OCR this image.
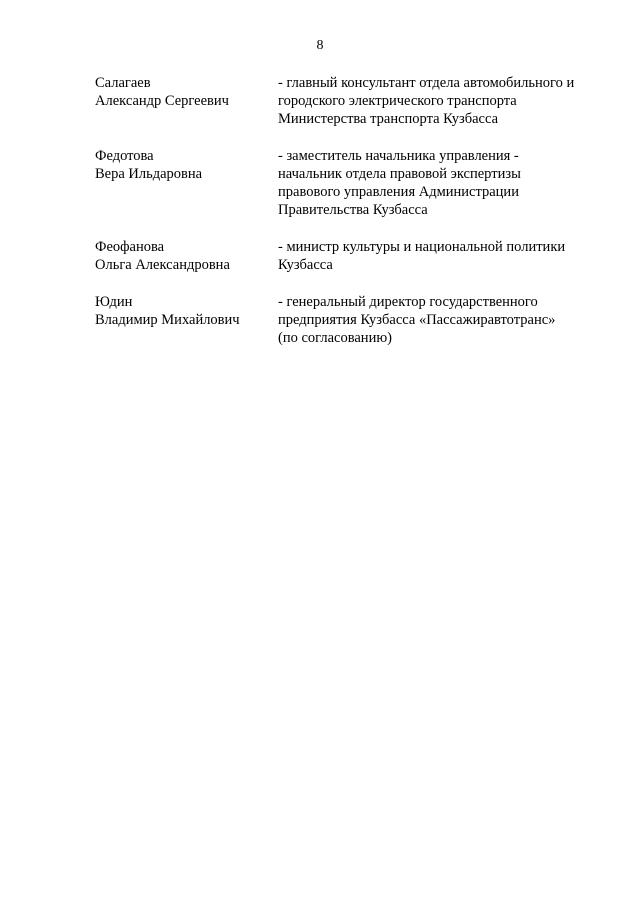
8
Салагаев
Александр Сергеевич
- главный консультант отдела автомобильного и
городского электрического транспорта
Министерства транспорта Кузбасса
Федотова
Вера Ильдаровна
- заместитель начальника управления -
начальник отдела правовой экспертизы
правового управления Администрации
Правительства Кузбасса
Феофанова
Ольга Александровна
- министр культуры и национальной политики
Кузбасса
Юдин
Владимир Михайлович
- генеральный директор государственного
предприятия Кузбасса «Пассажиравтотранс»
(по согласованию)
